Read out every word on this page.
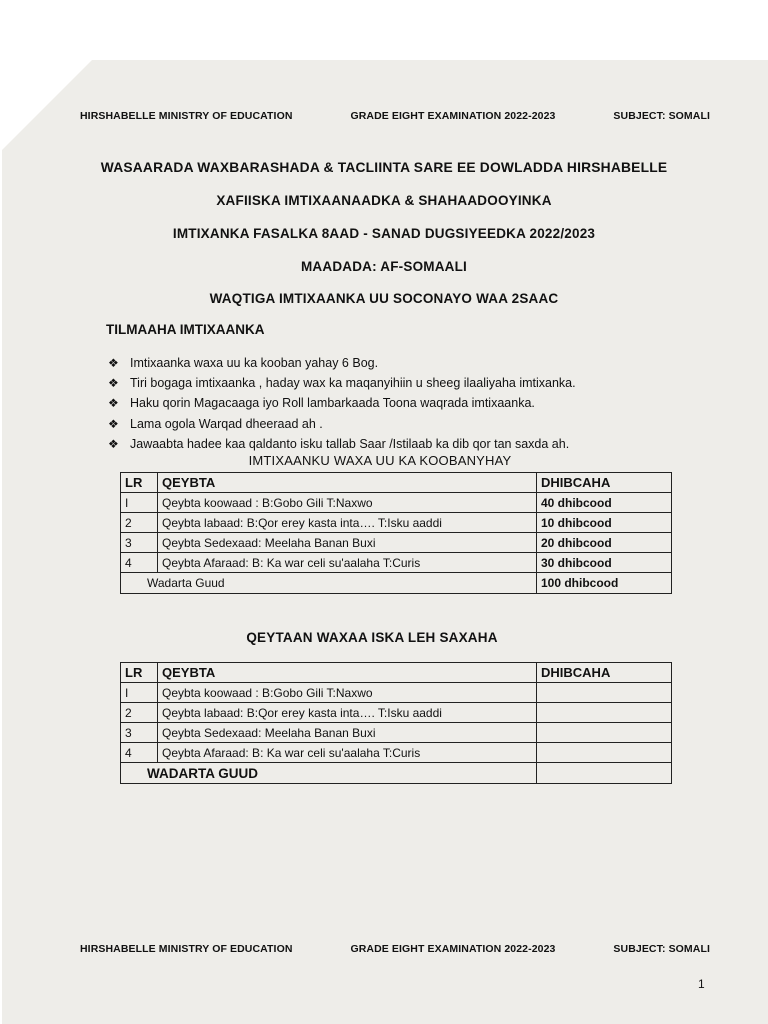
HIRSHABELLE MINISTRY OF EDUCATION	GRADE EIGHT EXAMINATION 2022-2023	SUBJECT: SOMALI
WASAARADA WAXBARASHADA & TACLIINTA SARE EE DOWLADDA HIRSHABELLE
XAFIISKA IMTIXAANAADKA & SHAHAADOOYINKA
IMTIXANKA FASALKA 8AAD - SANAD DUGSIYEEDKA 2022/2023
MAADADA: AF-SOMAALI
WAQTIGA IMTIXAANKA UU SOCONAYO WAA 2SAAC
TILMAAHA IMTIXAANKA
❖ Imtixaanka waxa uu ka kooban yahay 6 Bog.
❖ Tiri bogaga imtixaanka , haday wax ka maqanyihiin u sheeg ilaaliyaha imtixanka.
❖ Haku qorin Magacaaga iyo Roll lambarkaada Toona waqrada imtixaanka.
❖ Lama ogola Warqad dheeraad ah .
❖ Jawaabta hadee kaa qaldanto isku tallab Saar /Istilaab ka dib qor tan saxda ah.
IMTIXAANKU WAXA UU KA KOOBANYHAY
LR	QEYBTA	DHIBCAHA
I	Qeybta koowaad : B:Gobo Gili T:Naxwo	40 dhibcood
2	Qeybta labaad: B:Qor erey kasta inta…. T:Isku aaddi	10 dhibcood
3	Qeybta Sedexaad: Meelaha Banan Buxi	20 dhibcood
4	Qeybta Afaraad: B: Ka war celi su'aalaha T:Curis	30 dhibcood
Wadarta Guud		100 dhibcood
QEYTAAN WAXAA ISKA LEH SAXAHA
LR	QEYBTA	DHIBCAHA
I	Qeybta koowaad : B:Gobo Gili T:Naxwo	
2	Qeybta labaad: B:Qor erey kasta inta…. T:Isku aaddi	
3	Qeybta Sedexaad: Meelaha Banan Buxi	
4	Qeybta Afaraad: B: Ka war celi su'aalaha T:Curis	
WADARTA GUUD		
HIRSHABELLE MINISTRY OF EDUCATION	GRADE EIGHT EXAMINATION 2022-2023	SUBJECT: SOMALI
1
